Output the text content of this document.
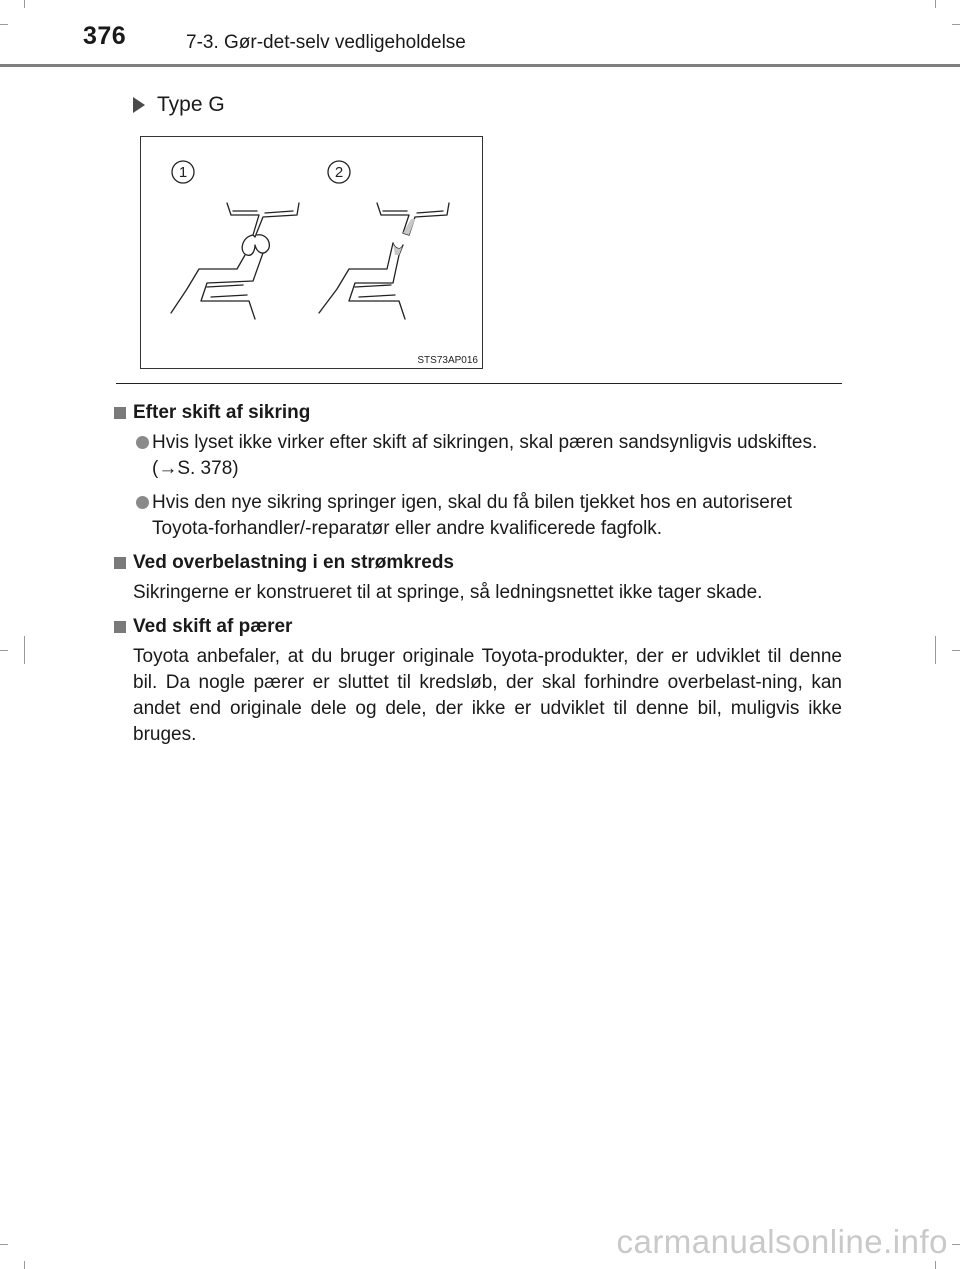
376	7-3. Gør-det-selv vedligeholdelse
Type G
1	2
STS73AP016
Efter skift af sikring
Hvis lyset ikke virker efter skift af sikringen, skal pæren sandsynligvis udskiftes.
(→S. 378)
Hvis den nye sikring springer igen, skal du få bilen tjekket hos en autoriseret Toyota-forhandler/-reparatør eller andre kvalificerede fagfolk.
Ved overbelastning i en strømkreds
Sikringerne er konstrueret til at springe, så ledningsnettet ikke tager skade.
Ved skift af pærer
Toyota anbefaler, at du bruger originale Toyota-produkter, der er udviklet til denne bil. Da nogle pærer er sluttet til kredsløb, der skal forhindre overbelast-ning, kan andet end originale dele og dele, der ikke er udviklet til denne bil, muligvis ikke bruges.
carmanualsonline.info
